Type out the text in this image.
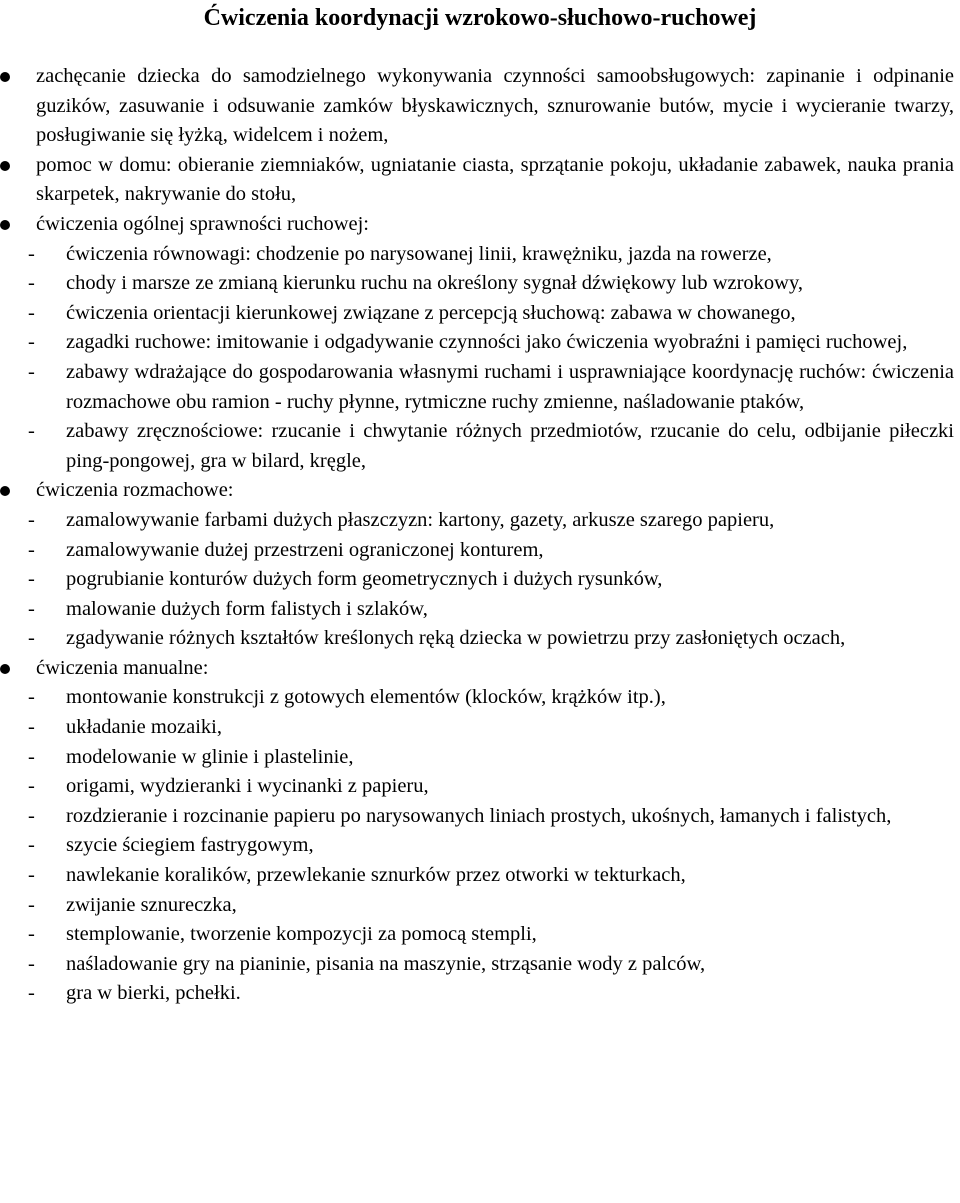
Ćwiczenia koordynacji wzrokowo-słuchowo-ruchowej
zachęcanie dziecka do samodzielnego wykonywania czynności samoobsługowych: zapinanie i odpinanie guzików, zasuwanie i odsuwanie zamków błyskawicznych, sznurowanie butów, mycie i wycieranie twarzy, posługiwanie się łyżką, widelcem i nożem,
pomoc w domu: obieranie ziemniaków, ugniatanie ciasta, sprzątanie pokoju, układanie zabawek, nauka prania skarpetek, nakrywanie do stołu,
ćwiczenia ogólnej sprawności ruchowej:
- ćwiczenia równowagi: chodzenie po narysowanej linii, krawężniku, jazda na rowerze,
- chody i marsze ze zmianą kierunku ruchu na określony sygnał dźwiękowy lub wzrokowy,
- ćwiczenia orientacji kierunkowej związane z percepcją słuchową: zabawa w chowanego,
- zagadki ruchowe: imitowanie i odgadywanie czynności jako ćwiczenia wyobraźni i pamięci ruchowej,
- zabawy wdrażające do gospodarowania własnymi ruchami i usprawniające koordynację ruchów: ćwiczenia rozmachowe obu ramion - ruchy płynne, rytmiczne ruchy zmienne, naśladowanie ptaków,
- zabawy zręcznościowe: rzucanie i chwytanie różnych przedmiotów, rzucanie do celu, odbijanie piłeczki ping-pongowej, gra w bilard, kręgle,
ćwiczenia rozmachowe:
- zamalowywanie farbami dużych płaszczyzn: kartony, gazety, arkusze szarego papieru,
- zamalowywanie dużej przestrzeni ograniczonej konturem,
- pogrubianie konturów dużych form geometrycznych i dużych rysunków,
- malowanie dużych form falistych i szlaków,
- zgadywanie różnych kształtów kreślonych ręką dziecka w powietrzu przy zasłoniętych oczach,
ćwiczenia manualne:
- montowanie konstrukcji z gotowych elementów (klocków, krążków itp.),
- układanie mozaiki,
- modelowanie w glinie i plastelinie,
- origami, wydzieranki i wycinanki z papieru,
- rozdzieranie i rozcinanie papieru po narysowanych liniach prostych, ukośnych, łamanych i falistych,
- szycie ściegiem fastrygowym,
- nawlekanie koralików, przewlekanie sznurków przez otworki w tekturkach,
- zwijanie sznureczka,
- stemplowanie, tworzenie kompozycji za pomocą stempli,
- naśladowanie gry na pianinie, pisania na maszynie, strząsanie wody z palców,
- gra w bierki, pchełki.
